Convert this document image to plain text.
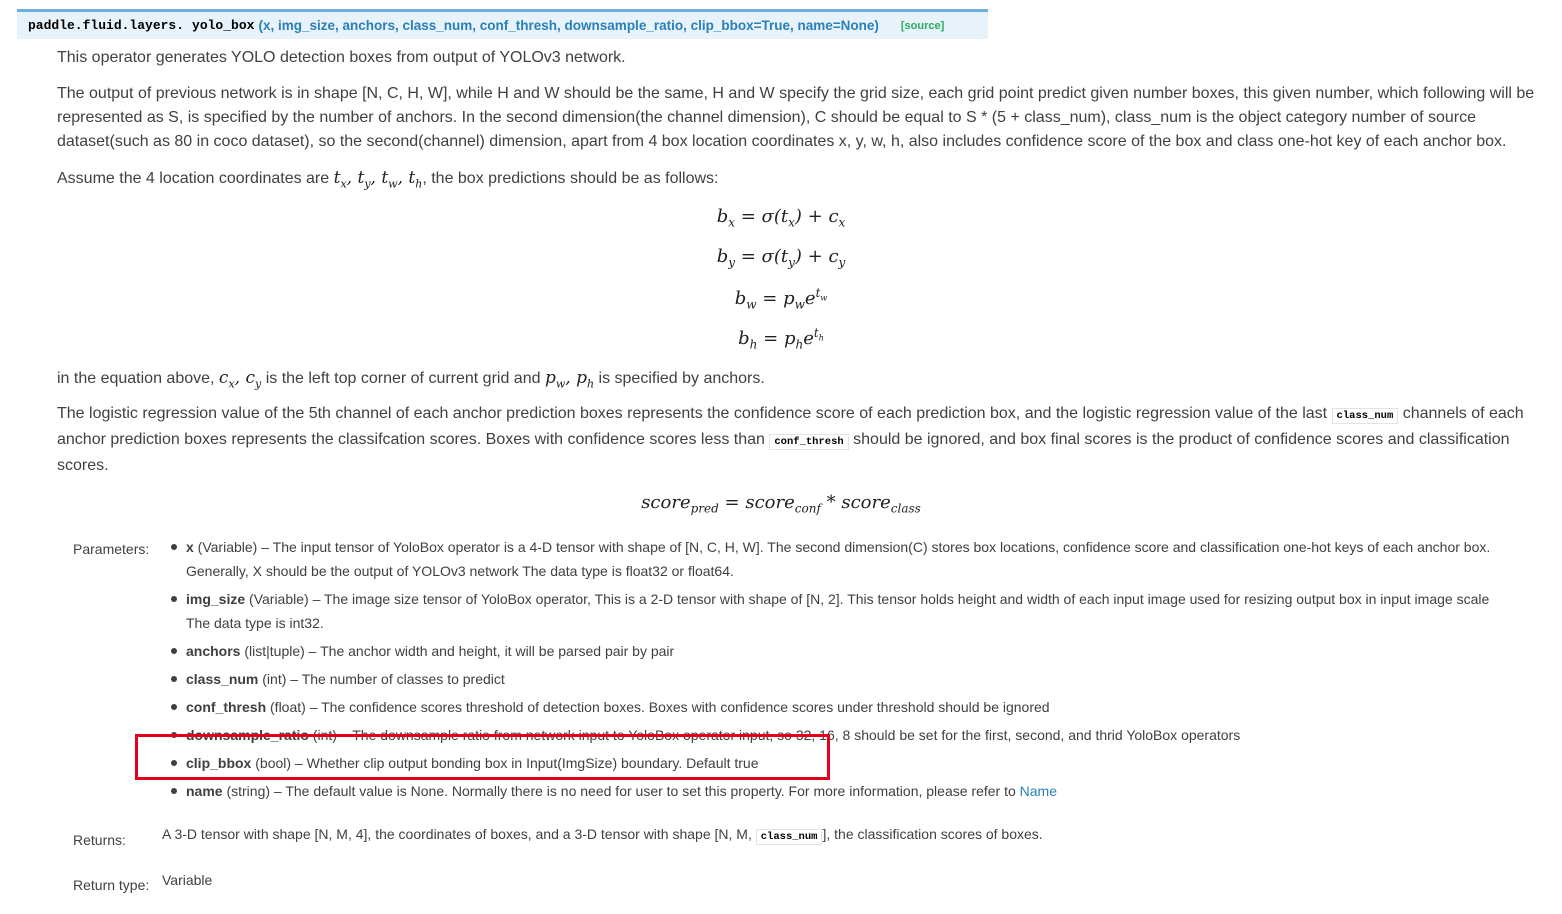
paddle.fluid.layers. yolo_box (x, img_size, anchors, class_num, conf_thresh, downsample_ratio, clip_bbox=True, name=None) [source]
This operator generates YOLO detection boxes from output of YOLOv3 network.
The output of previous network is in shape [N, C, H, W], while H and W should be the same, H and W specify the grid size, each grid point predict given number boxes, this given number, which following will be represented as S, is specified by the number of anchors. In the second dimension(the channel dimension), C should be equal to S * (5 + class_num), class_num is the object category number of source dataset(such as 80 in coco dataset), so the second(channel) dimension, apart from 4 box location coordinates x, y, w, h, also includes confidence score of the box and class one-hot key of each anchor box.
Assume the 4 location coordinates are $t_x$, $t_y$, $t_w$, $t_h$, the box predictions should be as follows:
$b_x = \sigma(t_x) + c_x$
$b_y = \sigma(t_y) + c_y$
$b_w = p_we^{t_w}$
$b_h = p_he^{t_h}$
in the equation above, $c_x$, $c_y$ is the left top corner of current grid and $p_w$, $p_h$ is specified by anchors.
The logistic regression value of the 5th channel of each anchor prediction boxes represents the confidence score of each prediction box, and the logistic regression value of the last class_num channels of each anchor prediction boxes represents the classifcation scores. Boxes with confidence scores less than conf_thresh should be ignored, and box final scores is the product of confidence scores and classification scores.
score$_{pred}$ = score$_{conf}$ * score$_{class}$
Parameters:	x (Variable) – The input tensor of YoloBox operator is a 4-D tensor with shape of [N, C, H, W]. The second dimension(C) stores box locations, confidence score and classification one-hot keys of each anchor box. Generally, X should be the output of YOLOv3 network The data type is float32 or float64.
img_size (Variable) – The image size tensor of YoloBox operator, This is a 2-D tensor with shape of [N, 2]. This tensor holds height and width of each input image used for resizing output box in input image scale The data type is int32.
anchors (list|tuple) – The anchor width and height, it will be parsed pair by pair
class_num (int) – The number of classes to predict
conf_thresh (float) – The confidence scores threshold of detection boxes. Boxes with confidence scores under threshold should be ignored
downsample_ratio (int) – The downsample ratio from network input to YoloBox operator input, so 32, 16, 8 should be set for the first, second, and thrid YoloBox operators
clip_bbox (bool) – Whether clip output bonding box in Input(ImgSize) boundary. Default true
name (string) – The default value is None. Normally there is no need for user to set this property. For more information, please refer to Name
Returns:	A 3-D tensor with shape [N, M, 4], the coordinates of boxes, and a 3-D tensor with shape [N, M, class_num ], the classification scores of boxes.
Return type: Variable
